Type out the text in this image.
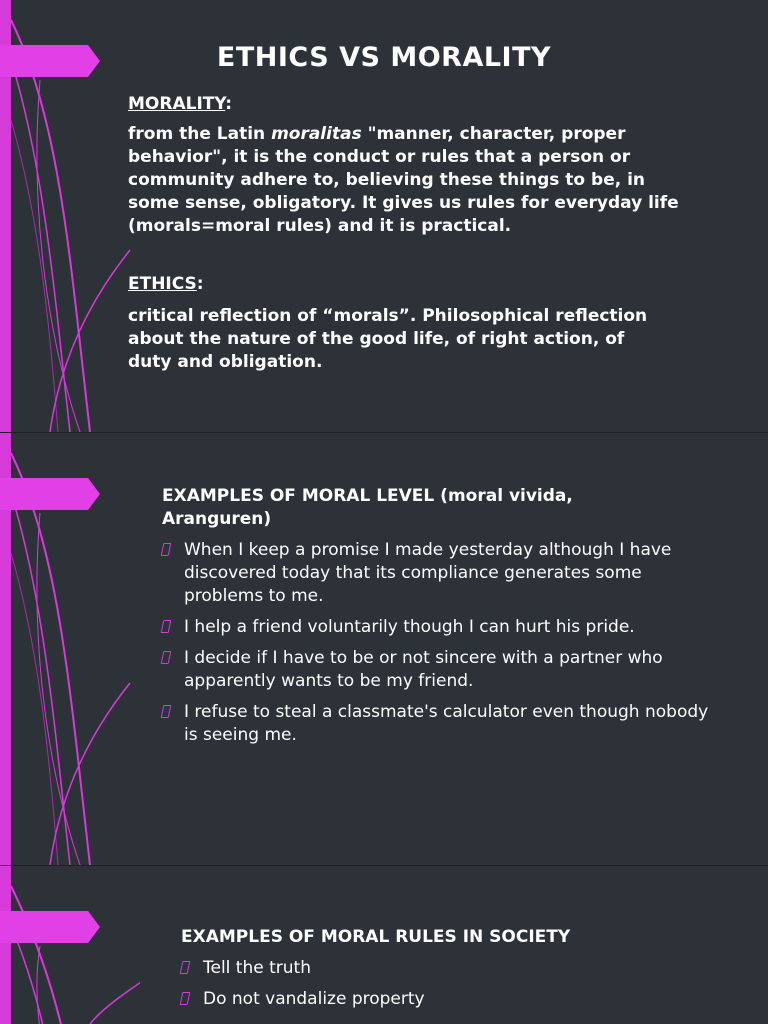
ETHICS VS MORALITY
MORALITY:

from the Latin moralitas "manner, character, proper behavior", it is the conduct or rules that a person or community adhere to, believing these things to be, in some sense, obligatory. It gives us rules for everyday life (morals=moral rules) and it is practical.

ETHICS:

critical reflection of “morals”. Philosophical reflection about the nature of the good life, of right action, of duty and obligation.

EXAMPLES OF MORAL LEVEL (moral vivida, Aranguren)

When I keep a promise I made yesterday although I have discovered today that its compliance generates some problems to me.
I help a friend voluntarily though I can hurt his pride.
I decide if I have to be or not sincere with a partner who apparently wants to be my friend.
I refuse to steal a classmate's calculator even though nobody is seeing me.

EXAMPLES OF MORAL RULES IN SOCIETY

Tell the truth
Do not vandalize property
